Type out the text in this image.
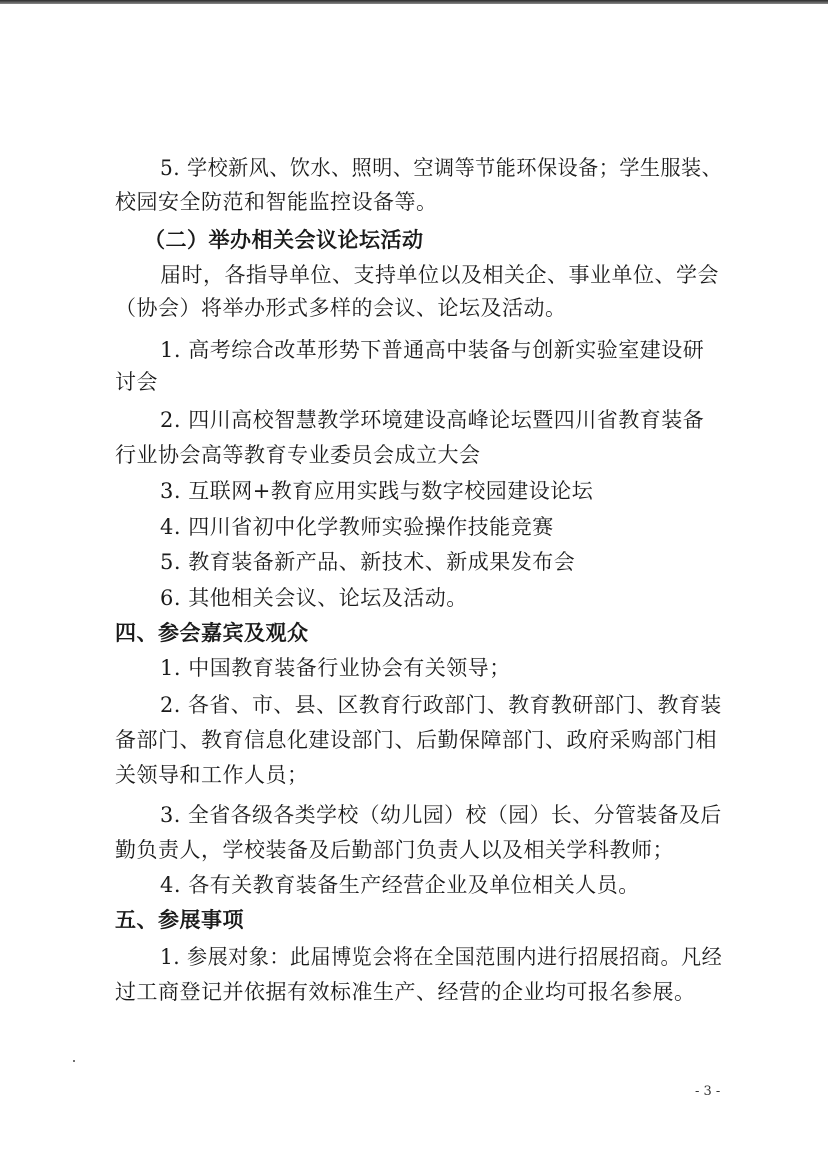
5. 学校新风、饮水、照明、空调等节能环保设备；学生服装、
校园安全防范和智能监控设备等。
（二）举办相关会议论坛活动
届时，各指导单位、支持单位以及相关企、事业单位、学会
（协会）将举办形式多样的会议、论坛及活动。
1. 高考综合改革形势下普通高中装备与创新实验室建设研
讨会
2. 四川高校智慧教学环境建设高峰论坛暨四川省教育装备
行业协会高等教育专业委员会成立大会
3. 互联网+教育应用实践与数字校园建设论坛
4. 四川省初中化学教师实验操作技能竞赛
5. 教育装备新产品、新技术、新成果发布会
6. 其他相关会议、论坛及活动。
四、参会嘉宾及观众
1. 中国教育装备行业协会有关领导；
2. 各省、市、县、区教育行政部门、教育教研部门、教育装
备部门、教育信息化建设部门、后勤保障部门、政府采购部门相
关领导和工作人员；
3. 全省各级各类学校（幼儿园）校（园）长、分管装备及后
勤负责人，学校装备及后勤部门负责人以及相关学科教师；
4. 各有关教育装备生产经营企业及单位相关人员。
五、参展事项
1. 参展对象：此届博览会将在全国范围内进行招展招商。凡经
过工商登记并依据有效标准生产、经营的企业均可报名参展。
- 3 -
